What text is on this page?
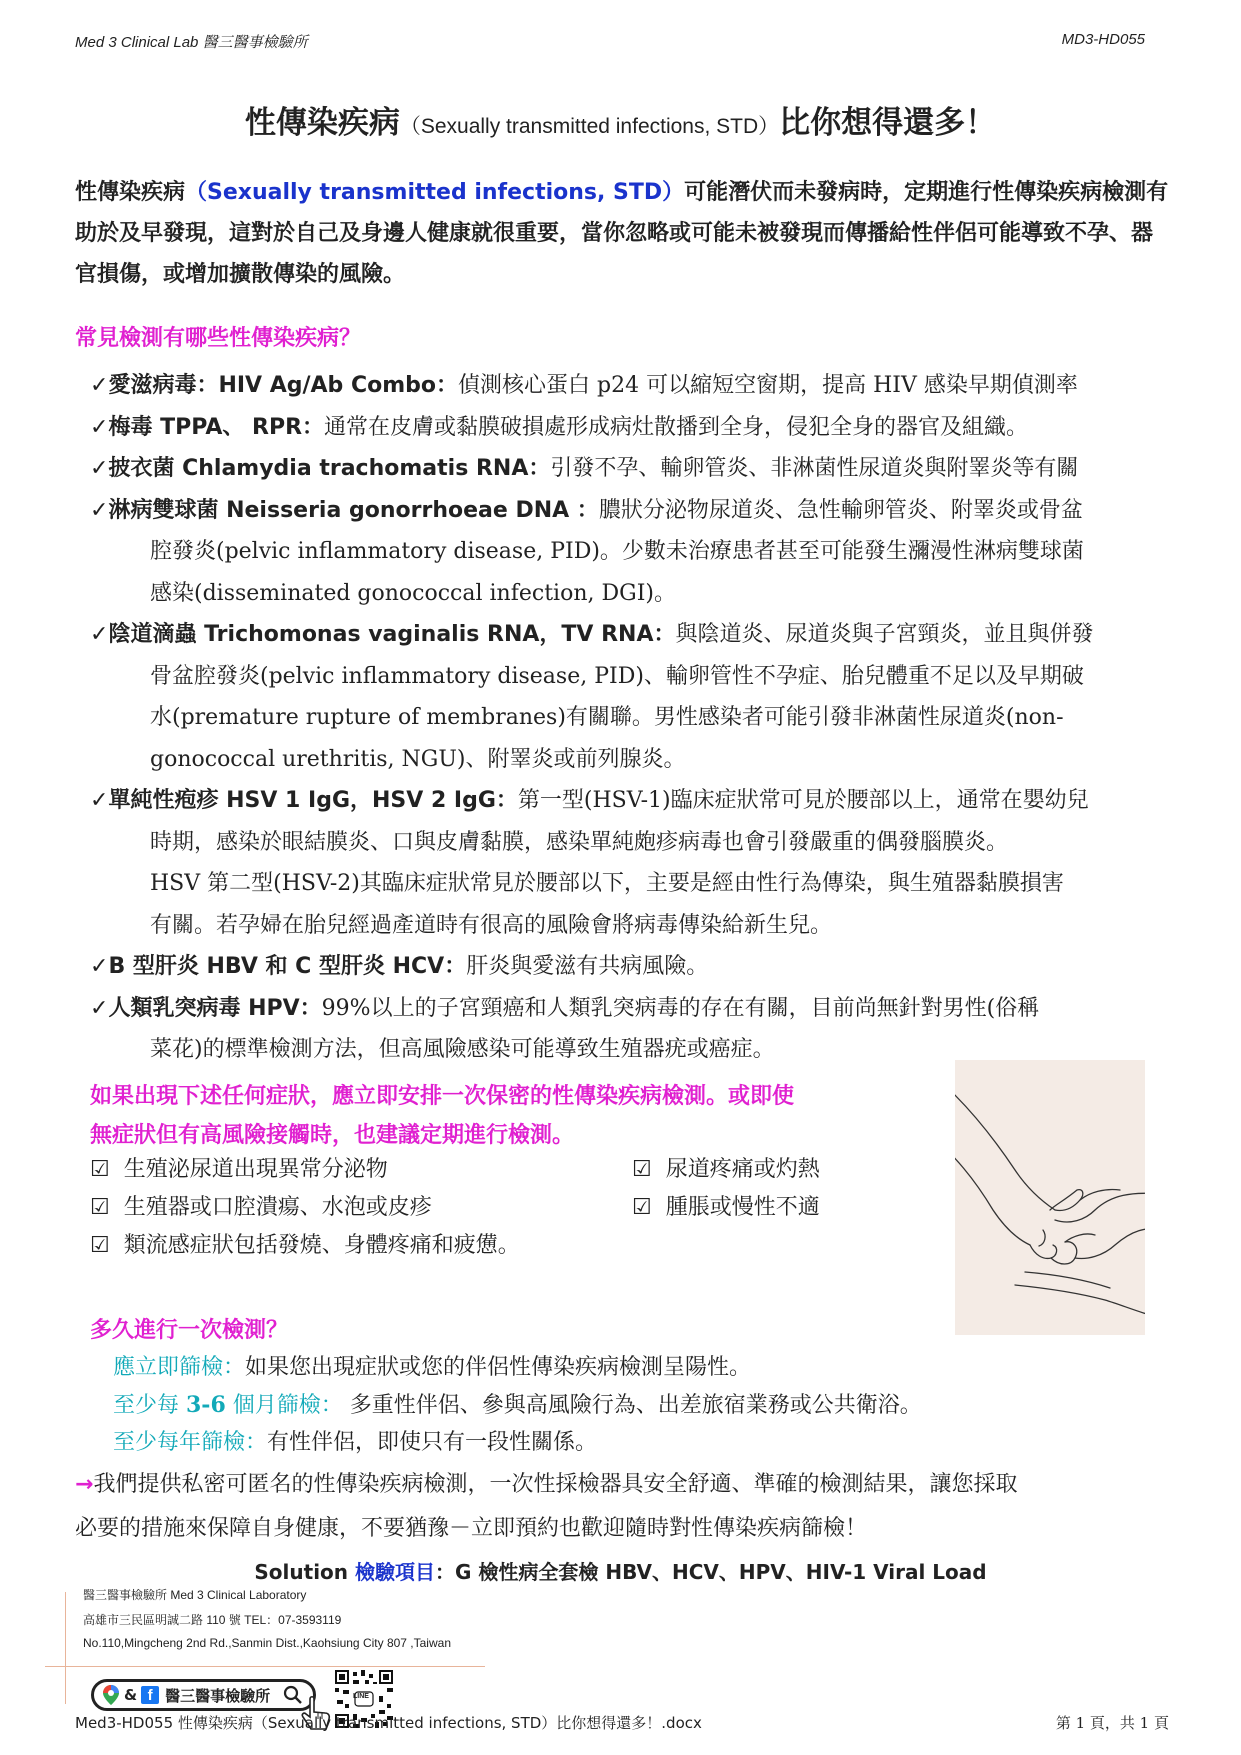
Med 3 Clinical Lab 醫三醫事檢驗所	MD3-HD055
性傳染疾病（Sexually transmitted infections, STD）比你想得還多！
性傳染疾病（Sexually transmitted infections, STD）可能潛伏而未發病時，定期進行性傳染疾病檢測有助於及早發現，這對於自己及身邊人健康就很重要，當你忽略或可能未被發現而傳播給性伴侶可能導致不孕、器官損傷，或增加擴散傳染的風險。
常見檢測有哪些性傳染疾病？
✓愛滋病毒：HIV Ag/Ab Combo：偵測核心蛋白 p24 可以縮短空窗期，提高 HIV 感染早期偵測率
✓梅毒 TPPA、 RPR：通常在皮膚或黏膜破損處形成病灶散播到全身，侵犯全身的器官及組織。
✓披衣菌 Chlamydia trachomatis RNA：引發不孕、輸卵管炎、非淋菌性尿道炎與附睪炎等有關
✓淋病雙球菌 Neisseria gonorrhoeae DNA ：膿狀分泌物尿道炎、急性輸卵管炎、附睪炎或骨盆
腔發炎(pelvic inflammatory disease, PID)。少數未治療患者甚至可能發生瀰漫性淋病雙球菌
感染(disseminated gonococcal infection, DGI)。
✓陰道滴蟲 Trichomonas vaginalis RNA，TV RNA：與陰道炎、尿道炎與子宮頸炎，並且與併發
骨盆腔發炎(pelvic inflammatory disease, PID)、輸卵管性不孕症、胎兒體重不足以及早期破
水(premature rupture of membranes)有關聯。男性感染者可能引發非淋菌性尿道炎(non-
gonococcal urethritis, NGU)、附睪炎或前列腺炎。
✓單純性疱疹 HSV 1 IgG，HSV 2 IgG：第一型(HSV-1)臨床症狀常可見於腰部以上，通常在嬰幼兒
時期，感染於眼結膜炎、口與皮膚黏膜，感染單純皰疹病毒也會引發嚴重的偶發腦膜炎。
HSV 第二型(HSV-2)其臨床症狀常見於腰部以下，主要是經由性行為傳染，與生殖器黏膜損害
有關。若孕婦在胎兒經過產道時有很高的風險會將病毒傳染給新生兒。
✓B 型肝炎 HBV 和 C 型肝炎 HCV：肝炎與愛滋有共病風險。
✓人類乳突病毒 HPV：99%以上的子宮頸癌和人類乳突病毒的存在有關，目前尚無針對男性(俗稱
菜花)的標準檢測方法，但高風險感染可能導致生殖器疣或癌症。
如果出現下述任何症狀，應立即安排一次保密的性傳染疾病檢測。或即使
無症狀但有高風險接觸時，也建議定期進行檢測。
☑ 生殖泌尿道出現異常分泌物	☑ 尿道疼痛或灼熱
☑ 生殖器或口腔潰瘍、水泡或皮疹	☑ 腫脹或慢性不適
☑ 類流感症狀包括發燒、身體疼痛和疲憊。
多久進行一次檢測？
應立即篩檢：如果您出現症狀或您的伴侶性傳染疾病檢測呈陽性。
至少每 3-6 個月篩檢： 多重性伴侶、參與高風險行為、出差旅宿業務或公共衛浴。
至少每年篩檢：有性伴侶，即使只有一段性關係。
→我們提供私密可匿名的性傳染疾病檢測，一次性採檢器具安全舒適、準確的檢測結果，讓您採取
必要的措施來保障自身健康，不要猶豫－立即預約也歡迎隨時對性傳染疾病篩檢！
Solution 檢驗項目：G 檢性病全套檢 HBV、HCV、HPV、HIV-1 Viral Load
醫三醫事檢驗所 Med 3 Clinical Laboratory
高雄市三民區明誠二路 110 號 TEL：07-3593119
No.110,Mingcheng 2nd Rd.,Sanmin Dist.,Kaohsiung City 807 ,Taiwan
& f 醫三醫事檢驗所	LINE
Med3-HD055 性傳染疾病（Sexually transmitted infections, STD）比你想得還多！.docx	第 1 頁，共 1 頁
